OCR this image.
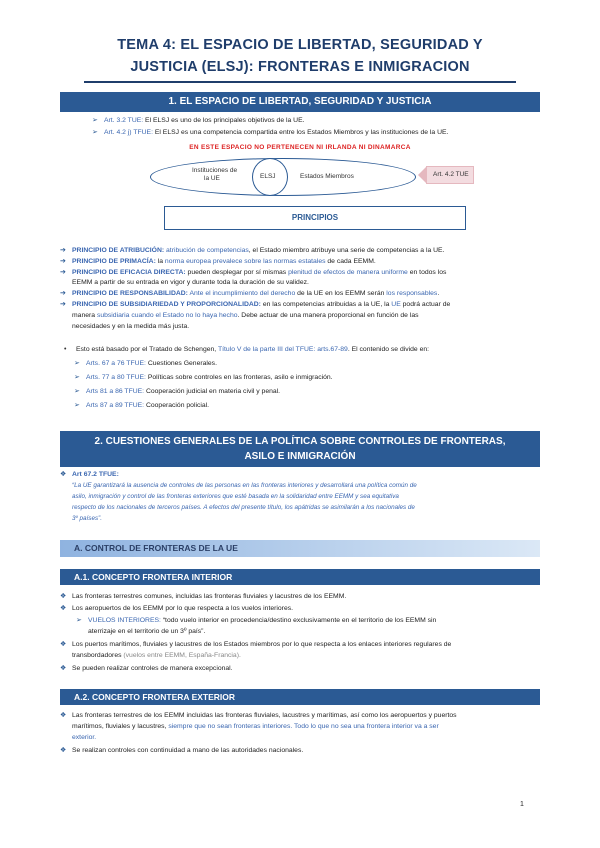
TEMA 4: EL ESPACIO DE LIBERTAD, SEGURIDAD Y
JUSTICIA (ELSJ): FRONTERAS E INMIGRACION
1. EL ESPACIO DE LIBERTAD, SEGURIDAD Y JUSTICIA
➢ Art. 3.2 TUE: El ELSJ es uno de los principales objetivos de la UE.
➢ Art. 4.2 j) TFUE: El ELSJ es una competencia compartida entre los Estados Miembros y las instituciones de la UE.
EN ESTE ESPACIO NO PERTENECEN NI IRLANDA NI DINAMARCA
Instituciones de
la UE	ELSJ	Estados Miembros	Art. 4.2 TUE
PRINCIPIOS
➔ PRINCIPIO DE ATRIBUCIÓN: atribución de competencias, el Estado miembro atribuye una serie de competencias a la UE.
➔ PRINCIPIO DE PRIMACÍA: la norma europea prevalece sobre las normas estatales de cada EEMM.
➔ PRINCIPIO DE EFICACIA DIRECTA: pueden desplegar por sí mismas plenitud de efectos de manera uniforme en todos los
EEMM a partir de su entrada en vigor y durante toda la duración de su validez.
➔ PRINCIPIO DE RESPONSABILIDAD: Ante el incumplimiento del derecho de la UE en los EEMM serán los responsables.
➔ PRINCIPIO DE SUBSIDIARIEDAD Y PROPORCIONALIDAD: en las competencias atribuidas a la UE, la UE podrá actuar de
manera subsidiaria cuando el Estado no lo haya hecho. Debe actuar de una manera proporcional en función de las
necesidades y en la medida más justa.
• Esto está basado por el Tratado de Schengen, Título V de la parte III del TFUE: arts.67-89. El contenido se divide en:
➢ Arts. 67 a 76 TFUE: Cuestiones Generales.
➢ Arts. 77 a 80 TFUE: Políticas sobre controles en las fronteras, asilo e inmigración.
➢ Arts 81 a 86 TFUE: Cooperación judicial en materia civil y penal.
➢ Arts 87 a 89 TFUE: Cooperación policial.
2. CUESTIONES GENERALES DE LA POLÍTICA SOBRE CONTROLES DE FRONTERAS, ASILO E INMIGRACIÓN
❖ Art 67.2 TFUE:
“La UE garantizará la ausencia de controles de las personas en las fronteras interiores y desarrollará una política común de
asilo, inmigración y control de las fronteras exteriores que esté basada en la solidaridad entre EEMM y sea equitativa
respecto de los nacionales de terceros países. A efectos del presente título, los apátridas se asimilarán a los nacionales de
3º países”.
A. CONTROL DE FRONTERAS DE LA UE
A.1. CONCEPTO FRONTERA INTERIOR
❖ Las fronteras terrestres comunes, incluidas las fronteras fluviales y lacustres de los EEMM.
❖ Los aeropuertos de los EEMM por lo que respecta a los vuelos interiores.
➢ VUELOS INTERIORES: “todo vuelo interior en procedencia/destino exclusivamente en el territorio de los EEMM sin
aterrizaje en el territorio de un 3º país”.
❖ Los puertos marítimos, fluviales y lacustres de los Estados miembros por lo que respecta a los enlaces interiores regulares de
transbordadores (vuelos entre EEMM, España-Francia).
❖ Se pueden realizar controles de manera excepcional.
A.2. CONCEPTO FRONTERA EXTERIOR
❖ Las fronteras terrestres de los EEMM incluidas las fronteras fluviales, lacustres y marítimas, así como los aeropuertos y puertos
marítimos, fluviales y lacustres, siempre que no sean fronteras interiores. Todo lo que no sea una frontera interior va a ser
exterior.
❖ Se realizan controles con continuidad a mano de las autoridades nacionales.
1
